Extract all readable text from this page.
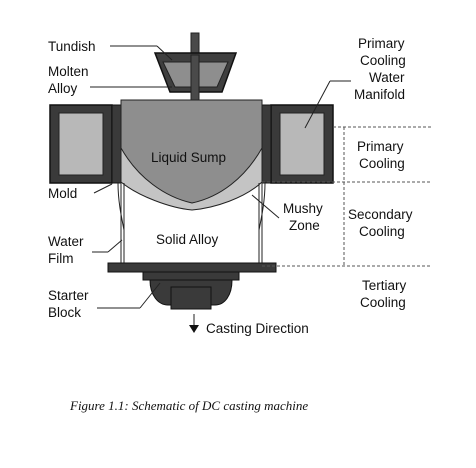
Tundish
Molten
Alloy
Mold
Water
Film
Starter
Block
Liquid Sump
Solid Alloy
Mushy
Zone
Casting Direction
Primary
Cooling
Water
Manifold
Primary
Cooling
Secondary
Cooling
Tertiary
Cooling
Figure 1.1: Schematic of DC casting machine
